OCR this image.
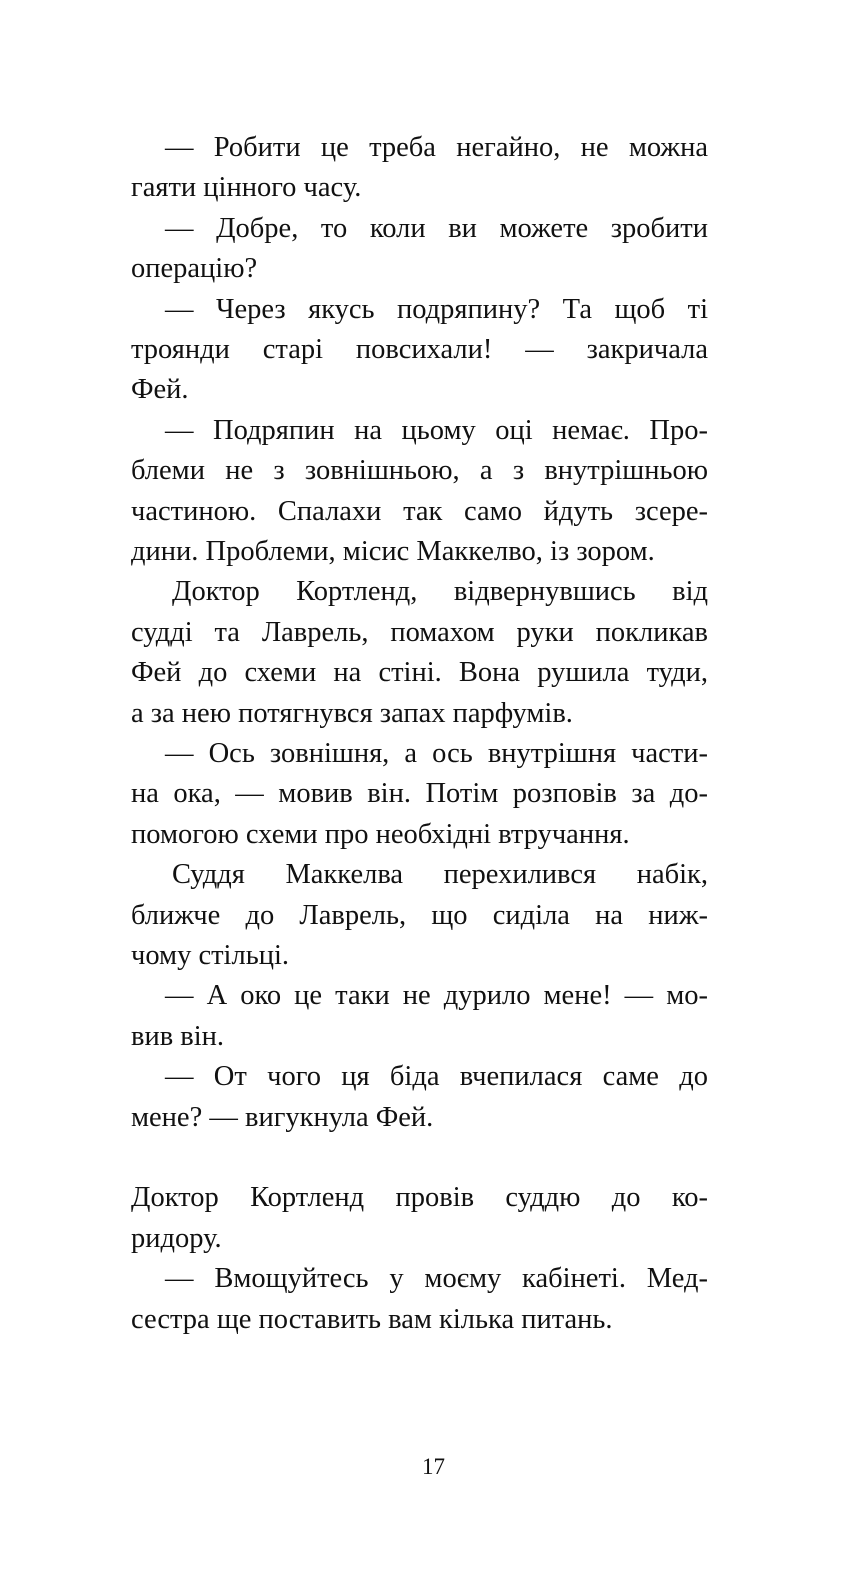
— Робити це треба негайно, не можна
гаяти цінного часу.
— Добре, то коли ви можете зробити
операцію?
— Через якусь подряпину? Та щоб ті
троянди старі повсихали! — закричала
Фей.
— Подряпин на цьому оці немає. Про-
блеми не з зовнішньою, а з внутрішньою
частиною. Спалахи так само йдуть зсере-
дини. Проблеми, місис Маккелво, із зором.
Доктор Кортленд, відвернувшись від
судді та Лаврель, помахом руки покликав
Фей до схеми на стіні. Вона рушила туди,
а за нею потягнувся запах парфумів.
— Ось зовнішня, а ось внутрішня части-
на ока, — мовив він. Потім розповів за до-
помогою схеми про необхідні втручання.
Суддя Маккелва перехилився набік,
ближче до Лаврель, що сиділа на ниж-
чому стільці.
— А око це таки не дурило мене! — мо-
вив він.
— От чого ця біда вчепилася саме до
мене? — вигукнула Фей.
Доктор Кортленд провів суддю до ко-
ридору.
— Вмощуйтесь у моєму кабінеті. Мед-
сестра ще поставить вам кілька питань.
17
